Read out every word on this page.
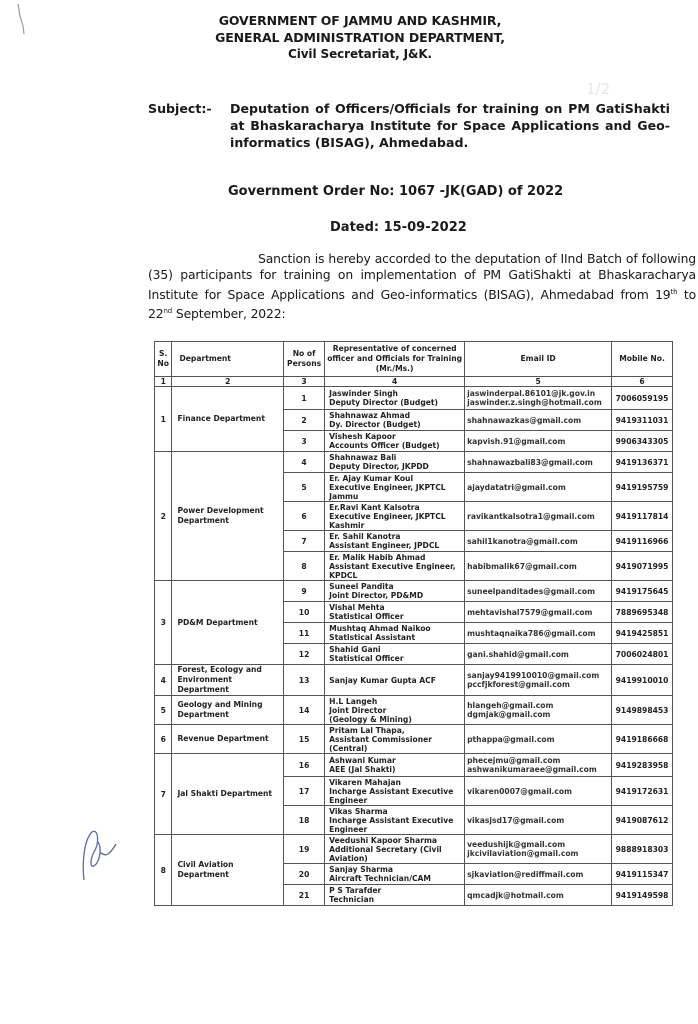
GOVERNMENT OF JAMMU AND KASHMIR,
GENERAL ADMINISTRATION DEPARTMENT,
Civil Secretariat, J&K.
1/2
Subject:- Deputation of Officers/Officials for training on PM GatiShakti at Bhaskaracharya Institute for Space Applications and Geo-informatics (BISAG), Ahmedabad.
Government Order No: 1067 -JK(GAD) of 2022
Dated: 15-09-2022
Sanction is hereby accorded to the deputation of IInd Batch of following (35) participants for training on implementation of PM GatiShakti at Bhaskaracharya Institute for Space Applications and Geo-informatics (BISAG), Ahmedabad from 19th to 22nd September, 2022:
S. No	Department	No of Persons	Representative of concerned officer and Officials for Training (Mr./Ms.)	Email ID	Mobile No.
1	2	3	4	5	6
1	Finance Department	1	Jaswinder Singh
Deputy Director (Budget)	jaswinderpal.86101@jk.gov.in
jaswinder.z.singh@hotmail.com	7006059195
		2	Shahnawaz Ahmad
Dy. Director (Budget)	shahnawazkas@gmail.com	9419311031
		3	Vishesh Kapoor
Accounts Officer (Budget)	kapvish.91@gmail.com	9906343305
2	Power Development Department	4	Shahnawaz Bali
Deputy Director, JKPDD	shahnawazbali83@gmail.com	9419136371
		5	Er. Ajay Kumar Koul
Executive Engineer, JKPTCL
Jammu	ajaydatatri@gmail.com	9419195759
		6	Er.Ravi Kant Kalsotra
Executive Engineer, JKPTCL
Kashmir	ravikantkalsotra1@gmail.com	9419117814
		7	Er. Sahil Kanotra
Assistant Engineer, JPDCL	sahil1kanotra@gmail.com	9419116966
		8	Er. Malik Habib Ahmad
Assistant Executive Engineer,
KPDCL	habibmalik67@gmail.com	9419071995
3	PD&M Department	9	Suneel Pandita
Joint Director, PD&MD	suneelpanditades@gmail.com	9419175645
		10	Vishal Mehta
Statistical Officer	mehtavishal7579@gmail.com	7889695348
		11	Mushtaq Ahmad Naikoo
Statistical Assistant	mushtaqnaika786@gmail.com	9419425851
		12	Shahid Gani
Statistical Officer	gani.shahid@gmail.com	7006024801
4	Forest, Ecology and Environment Department	13	Sanjay Kumar Gupta ACF	sanjay9419910010@gmail.com
pccfjkforest@gmail.com	9419910010
5	Geology and Mining Department	14	H.L Langeh
Joint Director
(Geology & Mining)	hlangeh@gmail.com
dgmjak@gmail.com	9149898453
6	Revenue Department	15	Pritam Lal Thapa,
Assistant Commissioner
(Central)	pthappa@gmail.com	9419186668
7	Jal Shakti Department	16	Ashwani Kumar
AEE (Jal Shakti)	phecejmu@gmail.com
ashwanikumaraee@gmail.com	9419283958
		17	Vikaren Mahajan
Incharge Assistant Executive
Engineer	vikaren0007@gmail.com	9419172631
		18	Vikas Sharma
Incharge Assistant Executive
Engineer	vikasjsd17@gmail.com	9419087612
8	Civil Aviation Department	19	Veedushi Kapoor Sharma
Additional Secretary (Civil
Aviation)	veedushijk@gmail.com
jkcivilaviation@gmail.com	9888918303
		20	Sanjay Sharma
Aircraft Technician/CAM	sjkaviation@rediffmail.com	9419115347
		21	P S Tarafder
Technician	qmcadjk@hotmail.com	9419149598
